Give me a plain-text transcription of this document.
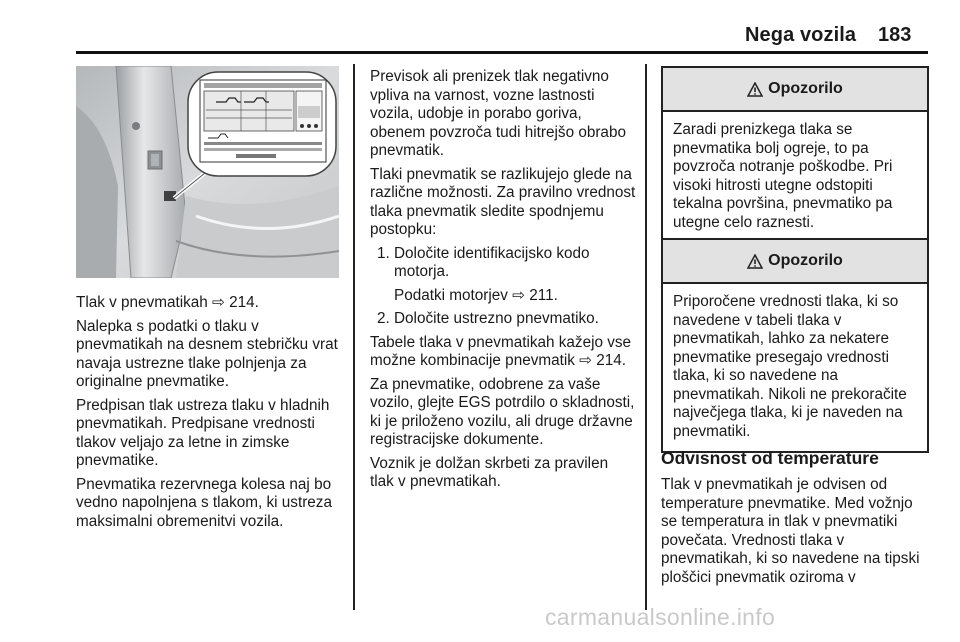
Nega vozila 183

Tlak v pnevmatikah ⇨ 214.

Nalepka s podatki o tlaku v pnevmatikah na desnem stebričku vrat navaja ustrezne tlake polnjenja za originalne pnevmatike.

Predpisan tlak ustreza tlaku v hladnih pnevmatikah. Predpisane vrednosti tlakov veljajo za letne in zimske pnevmatike.

Pnevmatika rezervnega kolesa naj bo vedno napolnjena s tlakom, ki ustreza maksimalni obremenitvi vozila.

Previsok ali prenizek tlak negativno vpliva na varnost, vozne lastnosti vozila, udobje in porabo goriva, obenem povzroča tudi hitrejšo obrabo pnevmatik.

Tlaki pnevmatik se razlikujejo glede na različne možnosti. Za pravilno vrednost tlaka pnevmatik sledite spodnjemu postopku:

1. Določite identifikacijsko kodo motorja.
Podatki motorjev ⇨ 211.
2. Določite ustrezno pnevmatiko.

Tabele tlaka v pnevmatikah kažejo vse možne kombinacije pnevmatik ⇨ 214.

Za pnevmatike, odobrene za vaše vozilo, glejte EGS potrdilo o skladnosti, ki je priloženo vozilu, ali druge državne registracijske dokumente.

Voznik je dolžan skrbeti za pravilen tlak v pnevmatikah.

Opozorilo
Zaradi prenizkega tlaka se pnevmatika bolj ogreje, to pa povzroča notranje poškodbe. Pri visoki hitrosti utegne odstopiti tekalna površina, pnevmatiko pa utegne celo raznesti.
Opozorilo
Priporočene vrednosti tlaka, ki so navedene v tabeli tlaka v pnevmatikah, lahko za nekatere pnevmatike presegajo vrednosti tlaka, ki so navedene na pnevmatikah. Nikoli ne prekoračite največjega tlaka, ki je naveden na pnevmatiki.
Odvisnost od temperature
Tlak v pnevmatikah je odvisen od temperature pnevmatike. Med vožnjo se temperatura in tlak v pnevmatiki povečata. Vrednosti tlaka v pnevmatikah, ki so navedene na tipski ploščici pnevmatik oziroma v
carmanualsonline.info
